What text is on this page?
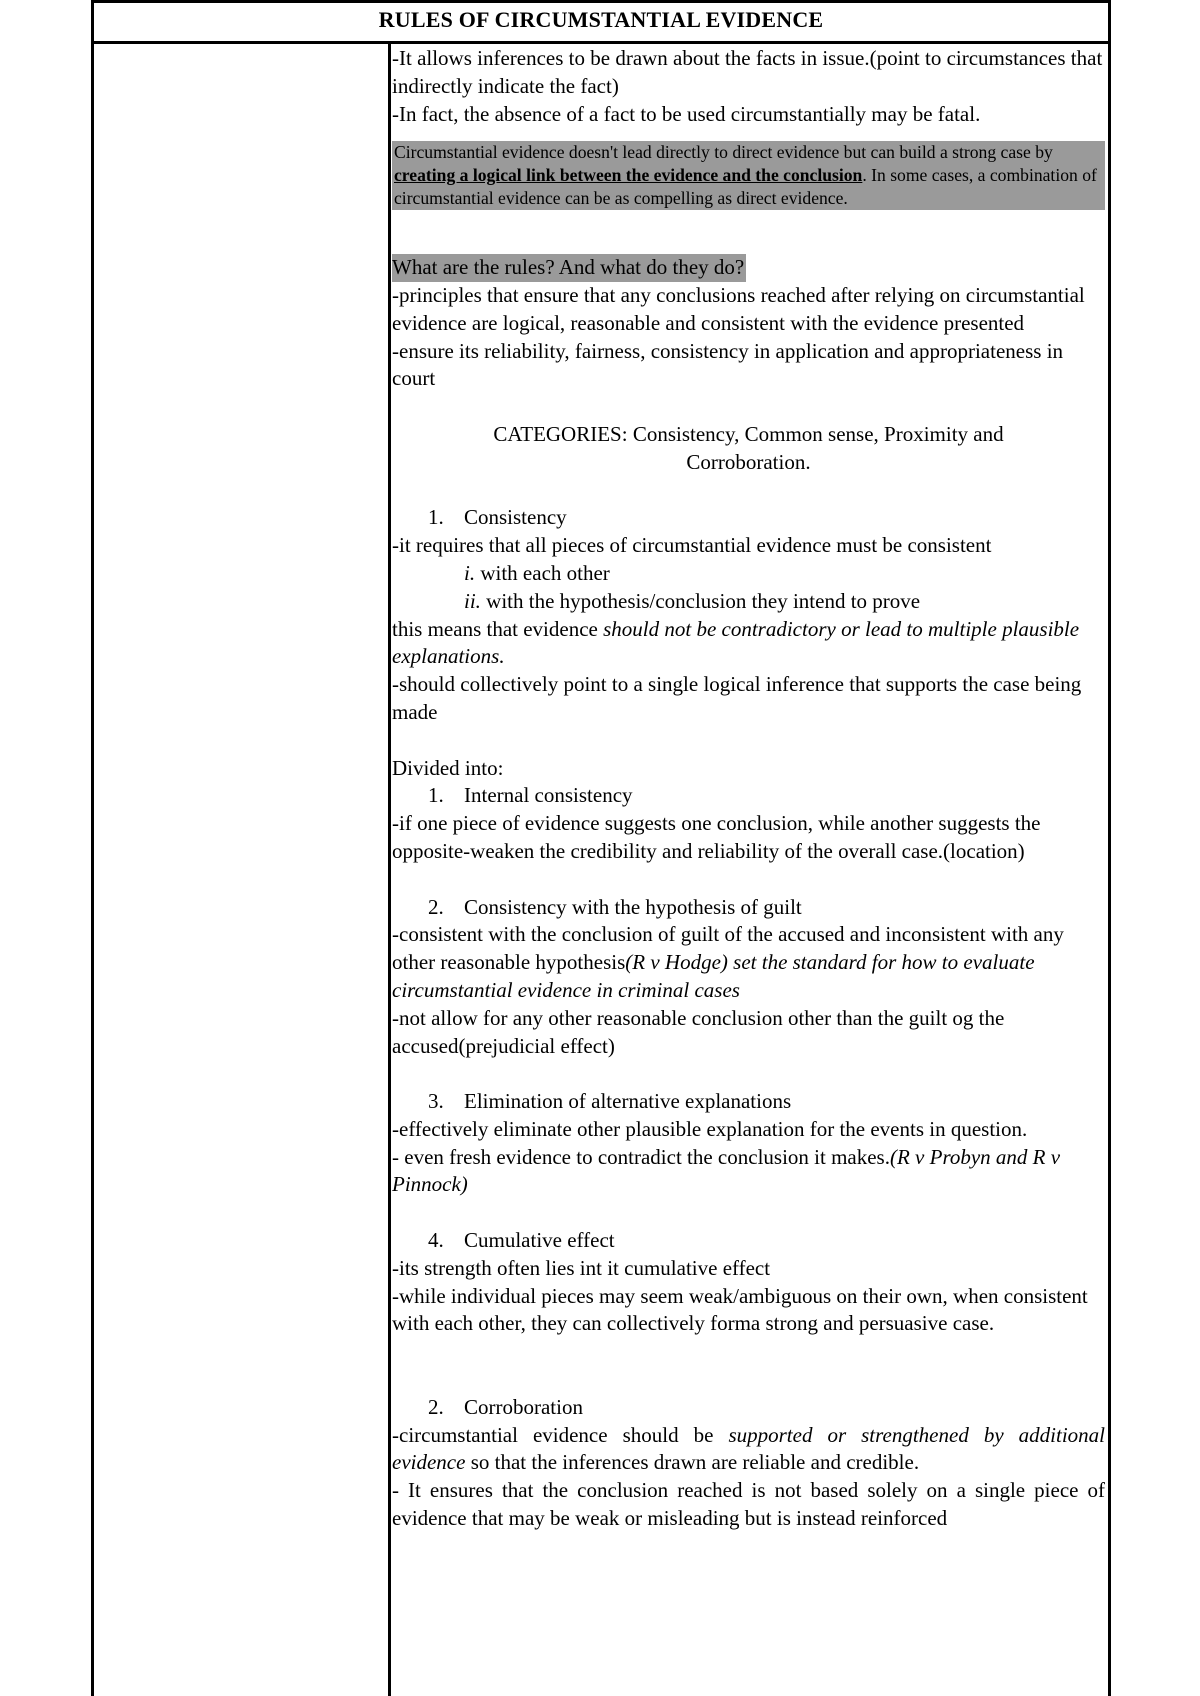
RULES OF CIRCUMSTANTIAL EVIDENCE

-It allows inferences to be drawn about the facts in issue.(point to circumstances that indirectly indicate the fact)

-In fact, the absence of a fact to be used circumstantially may be fatal.

Circumstantial evidence doesn't lead directly to direct evidence but can build a strong case by creating a logical link between the evidence and the conclusion. In some cases, a combination of circumstantial evidence can be as compelling as direct evidence.

What are the rules? And what do they do?

-principles that ensure that any conclusions reached after relying on circumstantial evidence are logical, reasonable and consistent with the evidence presented

-ensure its reliability, fairness, consistency in application and appropriateness in court

CATEGORIES: Consistency, Common sense, Proximity and Corroboration.

1. Consistency

-it requires that all pieces of circumstantial evidence must be consistent

i. with each other

ii. with the hypothesis/conclusion they intend to prove

this means that evidence should not be contradictory or lead to multiple plausible explanations.

-should collectively point to a single logical inference that supports the case being made

Divided into:

1. Internal consistency

-if one piece of evidence suggests one conclusion, while another suggests the opposite-weaken the credibility and reliability of the overall case.(location)

2. Consistency with the hypothesis of guilt

-consistent with the conclusion of guilt of the accused and inconsistent with any other reasonable hypothesis(R v Hodge) set the standard for how to evaluate circumstantial evidence in criminal cases

-not allow for any other reasonable conclusion other than the guilt og the accused(prejudicial effect)

3. Elimination of alternative explanations

-effectively eliminate other plausible explanation for the events in question.

- even fresh evidence to contradict the conclusion it makes.(R v Probyn and R v Pinnock)

4. Cumulative effect

-its strength often lies int it cumulative effect

-while individual pieces may seem weak/ambiguous on their own, when consistent with each other, they can collectively forma strong and persuasive case.

2. Corroboration

-circumstantial evidence should be supported or strengthened by additional evidence so that the inferences drawn are reliable and credible.

- It ensures that the conclusion reached is not based solely on a single piece of evidence that may be weak or misleading but is instead reinforced
